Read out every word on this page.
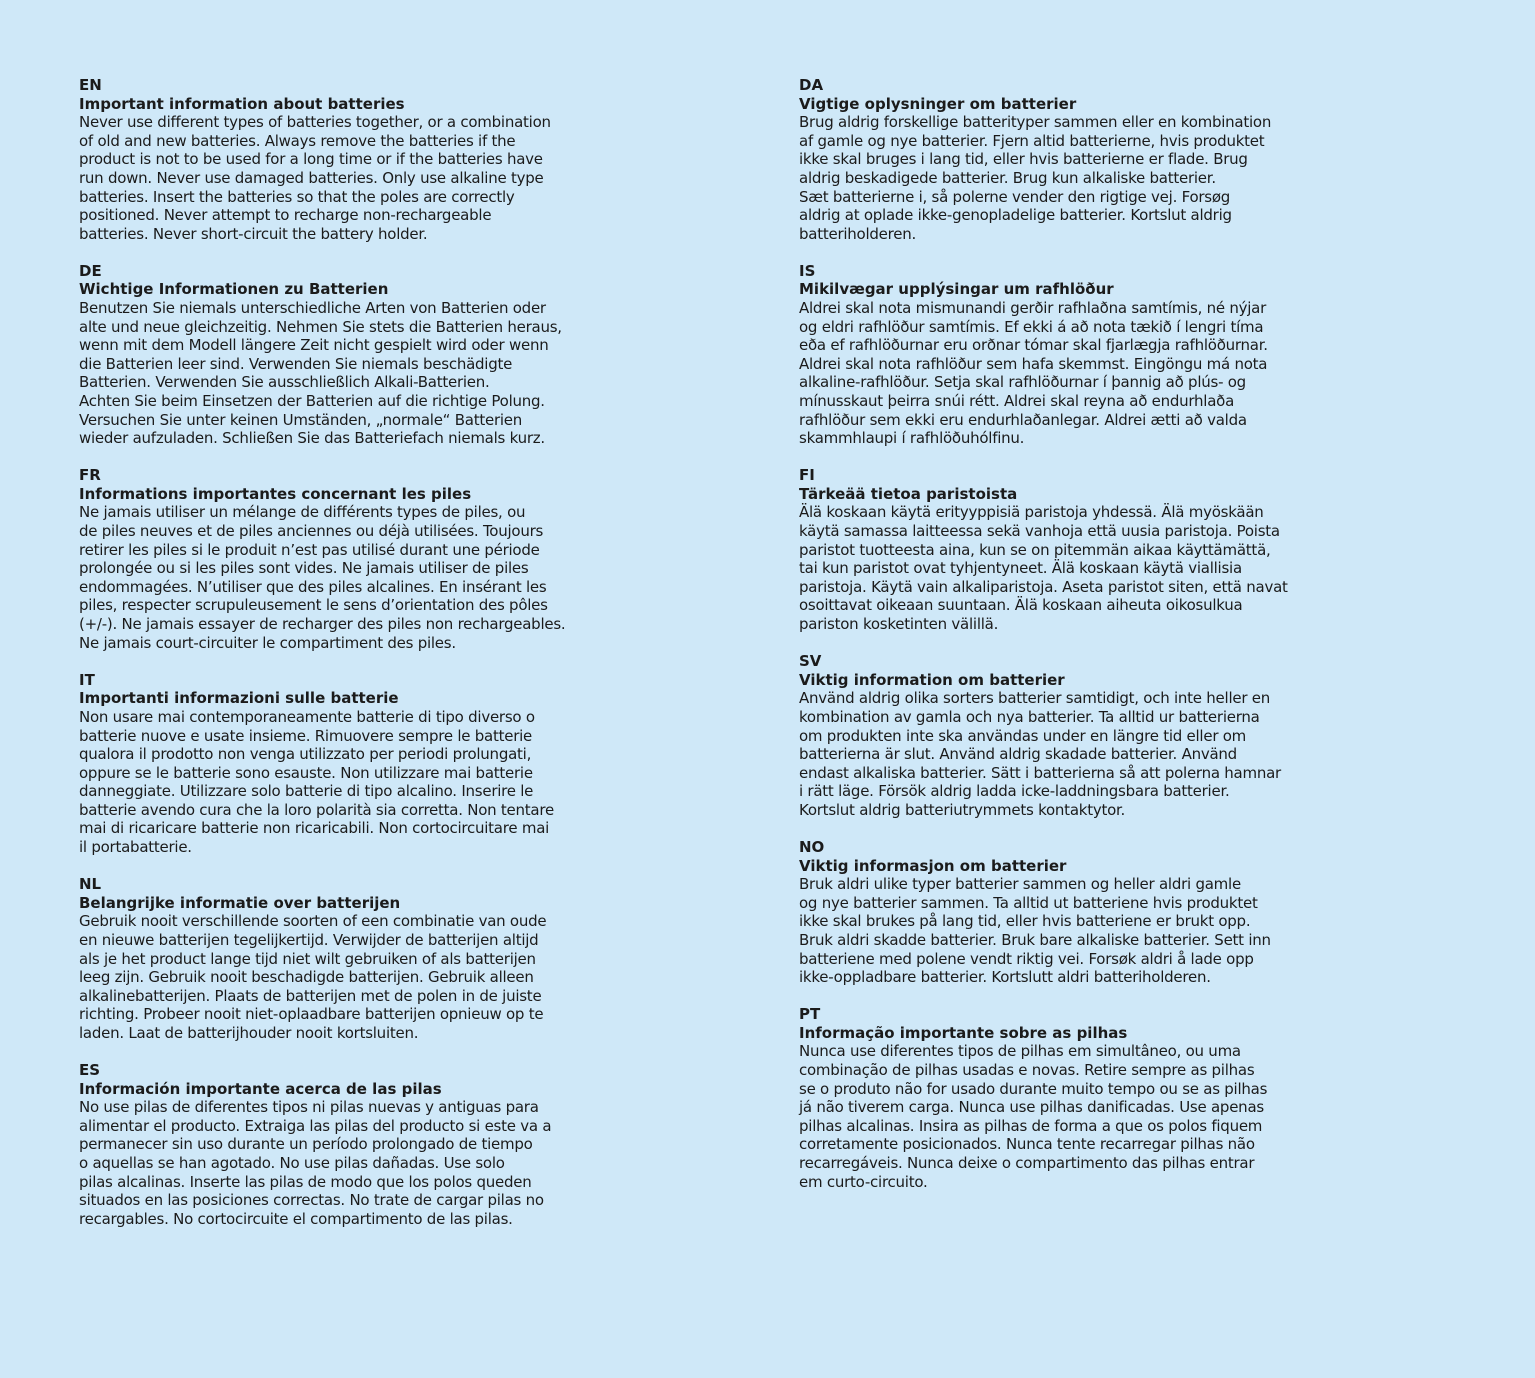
EN
Important information about batteries
Never use different types of batteries together, or a combination
of old and new batteries. Always remove the batteries if the
product is not to be used for a long time or if the batteries have
run down. Never use damaged batteries. Only use alkaline type
batteries. Insert the batteries so that the poles are correctly
positioned. Never attempt to recharge non-rechargeable
batteries. Never short-circuit the battery holder.
DE
Wichtige Informationen zu Batterien
Benutzen Sie niemals unterschiedliche Arten von Batterien oder
alte und neue gleichzeitig. Nehmen Sie stets die Batterien heraus,
wenn mit dem Modell längere Zeit nicht gespielt wird oder wenn
die Batterien leer sind. Verwenden Sie niemals beschädigte
Batterien. Verwenden Sie ausschließlich Alkali-Batterien.
Achten Sie beim Einsetzen der Batterien auf die richtige Polung.
Versuchen Sie unter keinen Umständen, „normale“ Batterien
wieder aufzuladen. Schließen Sie das Batteriefach niemals kurz.
FR
Informations importantes concernant les piles
Ne jamais utiliser un mélange de différents types de piles, ou
de piles neuves et de piles anciennes ou déjà utilisées. Toujours
retirer les piles si le produit n’est pas utilisé durant une période
prolongée ou si les piles sont vides. Ne jamais utiliser de piles
endommagées. N’utiliser que des piles alcalines. En insérant les
piles, respecter scrupuleusement le sens d’orientation des pôles
(+/-). Ne jamais essayer de recharger des piles non rechargeables.
Ne jamais court-circuiter le compartiment des piles.
IT
Importanti informazioni sulle batterie
Non usare mai contemporaneamente batterie di tipo diverso o
batterie nuove e usate insieme. Rimuovere sempre le batterie
qualora il prodotto non venga utilizzato per periodi prolungati,
oppure se le batterie sono esauste. Non utilizzare mai batterie
danneggiate. Utilizzare solo batterie di tipo alcalino. Inserire le
batterie avendo cura che la loro polarità sia corretta. Non tentare
mai di ricaricare batterie non ricaricabili. Non cortocircuitare mai
il portabatterie.
NL
Belangrijke informatie over batterijen
Gebruik nooit verschillende soorten of een combinatie van oude
en nieuwe batterijen tegelijkertijd. Verwijder de batterijen altijd
als je het product lange tijd niet wilt gebruiken of als batterijen
leeg zijn. Gebruik nooit beschadigde batterijen. Gebruik alleen
alkalinebatterijen. Plaats de batterijen met de polen in de juiste
richting. Probeer nooit niet-oplaadbare batterijen opnieuw op te
laden. Laat de batterijhouder nooit kortsluiten.
ES
Información importante acerca de las pilas
No use pilas de diferentes tipos ni pilas nuevas y antiguas para
alimentar el producto. Extraiga las pilas del producto si este va a
permanecer sin uso durante un período prolongado de tiempo
o aquellas se han agotado. No use pilas dañadas. Use solo
pilas alcalinas. Inserte las pilas de modo que los polos queden
situados en las posiciones correctas. No trate de cargar pilas no
recargables. No cortocircuite el compartimento de las pilas.
DA
Vigtige oplysninger om batterier
Brug aldrig forskellige batterityper sammen eller en kombination
af gamle og nye batterier. Fjern altid batterierne, hvis produktet
ikke skal bruges i lang tid, eller hvis batterierne er flade. Brug
aldrig beskadigede batterier. Brug kun alkaliske batterier.
Sæt batterierne i, så polerne vender den rigtige vej. Forsøg
aldrig at oplade ikke-genopladelige batterier. Kortslut aldrig
batteriholderen.
IS
Mikilvægar upplýsingar um rafhlöður
Aldrei skal nota mismunandi gerðir rafhlaðna samtímis, né nýjar
og eldri rafhlöður samtímis. Ef ekki á að nota tækið í lengri tíma
eða ef rafhlöðurnar eru orðnar tómar skal fjarlægja rafhlöðurnar.
Aldrei skal nota rafhlöður sem hafa skemmst. Eingöngu má nota
alkaline-rafhlöður. Setja skal rafhlöðurnar í þannig að plús- og
mínusskaut þeirra snúi rétt. Aldrei skal reyna að endurhlaða
rafhlöður sem ekki eru endurhlaðanlegar. Aldrei ætti að valda
skammhlaupi í rafhlöðuhólfinu.
FI
Tärkeää tietoa paristoista
Älä koskaan käytä erityyppisiä paristoja yhdessä. Älä myöskään
käytä samassa laitteessa sekä vanhoja että uusia paristoja. Poista
paristot tuotteesta aina, kun se on pitemmän aikaa käyttämättä,
tai kun paristot ovat tyhjentyneet. Älä koskaan käytä viallisia
paristoja. Käytä vain alkaliparistoja. Aseta paristot siten, että navat
osoittavat oikeaan suuntaan. Älä koskaan aiheuta oikosulkua
pariston kosketinten välillä.
SV
Viktig information om batterier
Använd aldrig olika sorters batterier samtidigt, och inte heller en
kombination av gamla och nya batterier. Ta alltid ur batterierna
om produkten inte ska användas under en längre tid eller om
batterierna är slut. Använd aldrig skadade batterier. Använd
endast alkaliska batterier. Sätt i batterierna så att polerna hamnar
i rätt läge. Försök aldrig ladda icke-laddningsbara batterier.
Kortslut aldrig batteriutrymmets kontaktytor.
NO
Viktig informasjon om batterier
Bruk aldri ulike typer batterier sammen og heller aldri gamle
og nye batterier sammen. Ta alltid ut batteriene hvis produktet
ikke skal brukes på lang tid, eller hvis batteriene er brukt opp.
Bruk aldri skadde batterier. Bruk bare alkaliske batterier. Sett inn
batteriene med polene vendt riktig vei. Forsøk aldri å lade opp
ikke-oppladbare batterier. Kortslutt aldri batteriholderen.
PT
Informação importante sobre as pilhas
Nunca use diferentes tipos de pilhas em simultâneo, ou uma
combinação de pilhas usadas e novas. Retire sempre as pilhas
se o produto não for usado durante muito tempo ou se as pilhas
já não tiverem carga. Nunca use pilhas danificadas. Use apenas
pilhas alcalinas. Insira as pilhas de forma a que os polos fiquem
corretamente posicionados. Nunca tente recarregar pilhas não
recarregáveis. Nunca deixe o compartimento das pilhas entrar
em curto-circuito.
